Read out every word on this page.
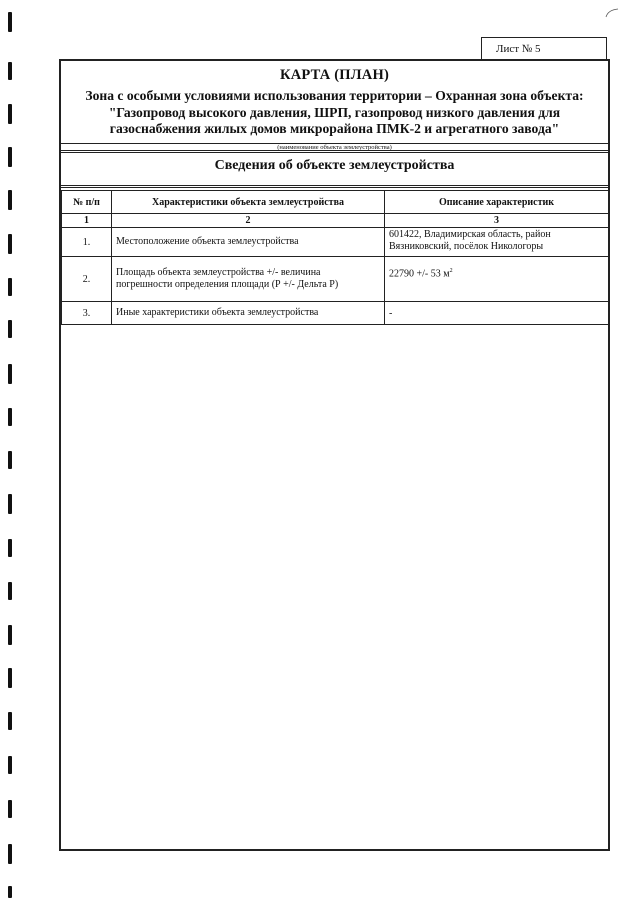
Лист № 5
КАРТА (ПЛАН)
Зона с особыми условиями использования территории – Охранная зона объекта:
"Газопровод высокого давления, ШРП, газопровод низкого давления для
газоснабжения жилых домов микрорайона ПМК-2 и агрегатного завода"
(наименование объекта землеустройства)
Сведения об объекте землеустройства
№ п/п	Характеристики объекта землеустройства	Описание характеристик
1	2	3
1.	Местоположение объекта землеустройства	601422, Владимирская область, район
Вязниковский, посёлок Никологоры

2.	Площадь объекта землеустройства +/- величина
погрешности определения площади (Р +/- Дельта Р)	22790 +/- 53 $м^2$
3.	Иные характеристики объекта землеустройства	-
